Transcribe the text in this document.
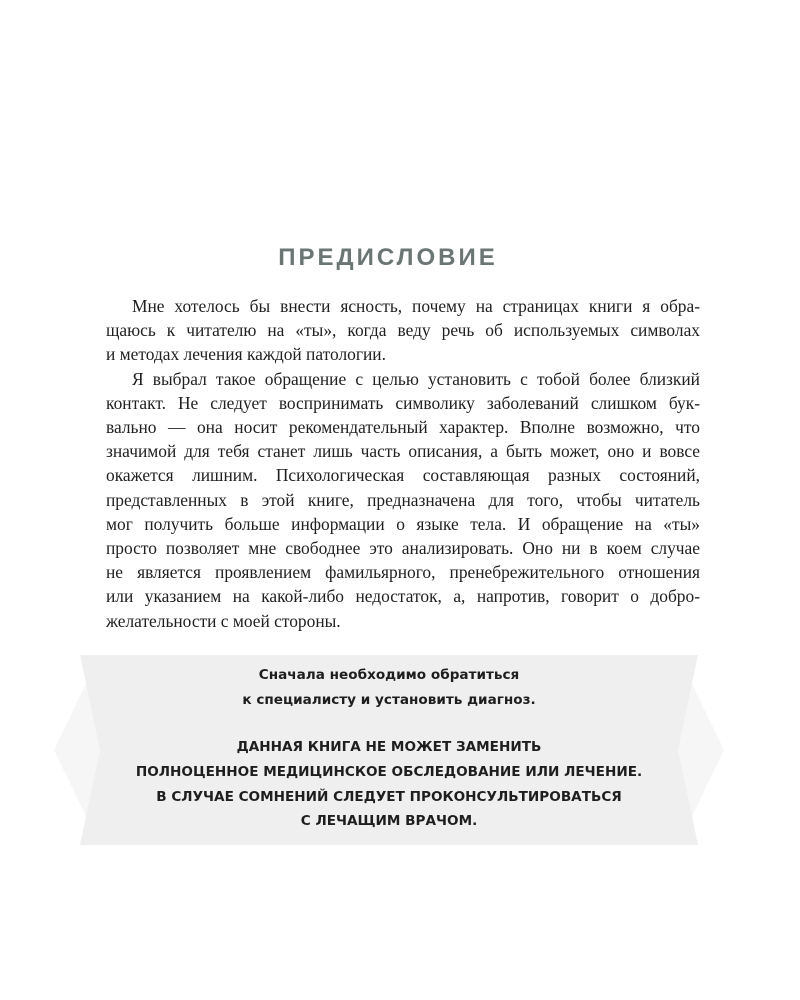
ПРЕДИСЛОВИЕ

Мне хотелось бы внести ясность, почему на страницах книги я обра-
щаюсь к читателю на «ты», когда веду речь об используемых символах
и методах лечения каждой патологии.

Я выбрал такое обращение с целью установить с тобой более близкий
контакт. Не следует воспринимать символику заболеваний слишком бук-
вально — она носит рекомендательный характер. Вполне возможно, что
значимой для тебя станет лишь часть описания, а быть может, оно и вовсе
окажется лишним. Психологическая составляющая разных состояний,
представленных в этой книге, предназначена для того, чтобы читатель
мог получить больше информации о языке тела. И обращение на «ты»
просто позволяет мне свободнее это анализировать. Оно ни в коем случае
не является проявлением фамильярного, пренебрежительного отношения
или указанием на какой-либо недостаток, а, напротив, говорит о добро-
желательности с моей стороны.

Сначала необходимо обратиться
к специалисту и установить диагноз.
ДАННАЯ КНИГА НЕ МОЖЕТ ЗАМЕНИТЬ
ПОЛНОЦЕННОЕ МЕДИЦИНСКОЕ ОБСЛЕДОВАНИЕ ИЛИ ЛЕЧЕНИЕ.
В СЛУЧАЕ СОМНЕНИЙ СЛЕДУЕТ ПРОКОНСУЛЬТИРОВАТЬСЯ
С ЛЕЧАЩИМ ВРАЧОМ.
